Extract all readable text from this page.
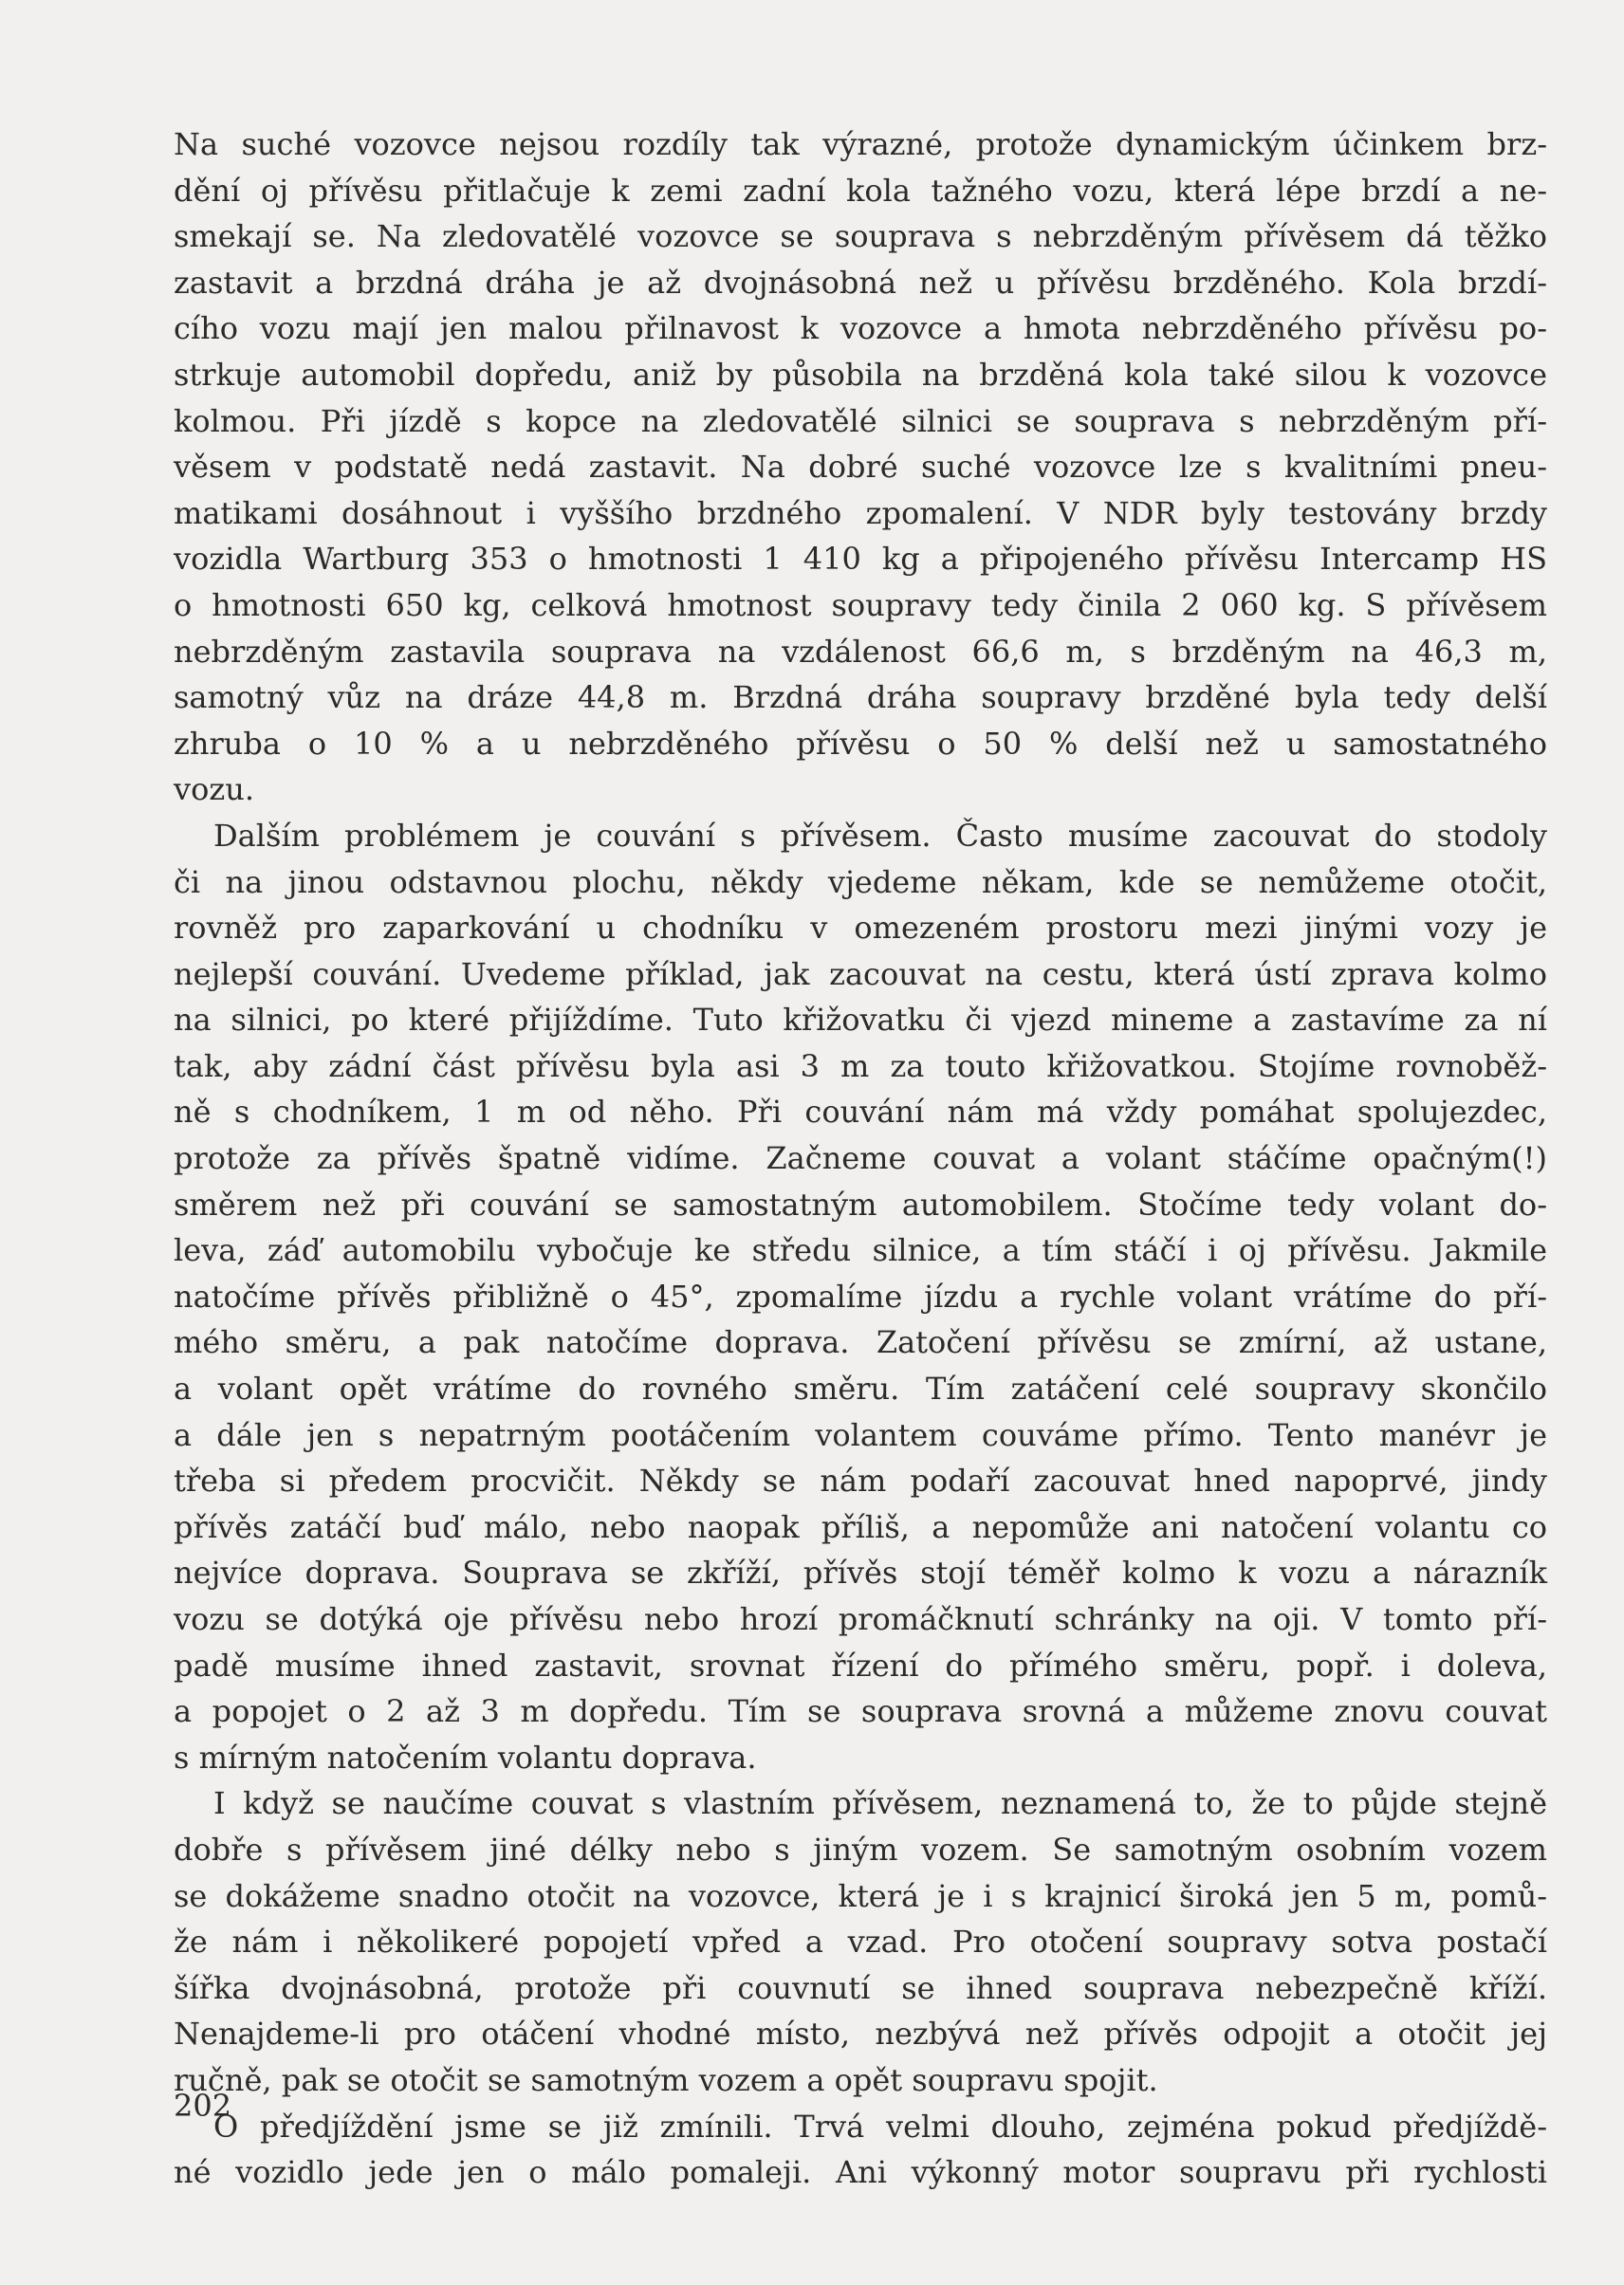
Na suché vozovce nejsou rozdíly tak výrazné, protože dynamickým účinkem brz-
dění oj přívěsu přitlačuje k zemi zadní kola tažného vozu, která lépe brzdí a ne-
smekají se. Na zledovatělé vozovce se souprava s nebrzděným přívěsem dá těžko
zastavit a brzdná dráha je až dvojnásobná než u přívěsu brzděného. Kola brzdí-
cího vozu mají jen malou přilnavost k vozovce a hmota nebrzděného přívěsu po-
strkuje automobil dopředu, aniž by působila na brzděná kola také silou k vozovce
kolmou. Při jízdě s kopce na zledovatělé silnici se souprava s nebrzděným pří-
věsem v podstatě nedá zastavit. Na dobré suché vozovce lze s kvalitními pneu-
matikami dosáhnout i vyššího brzdného zpomalení. V NDR byly testovány brzdy
vozidla Wartburg 353 o hmotnosti 1 410 kg a připojeného přívěsu Intercamp HS
o hmotnosti 650 kg, celková hmotnost soupravy tedy činila 2 060 kg. S přívěsem
nebrzděným zastavila souprava na vzdálenost 66,6 m, s brzděným na 46,3 m,
samotný vůz na dráze 44,8 m. Brzdná dráha soupravy brzděné byla tedy delší
zhruba o 10 % a u nebrzděného přívěsu o 50 % delší než u samostatného
vozu.
Dalším problémem je couvání s přívěsem. Často musíme zacouvat do stodoly
či na jinou odstavnou plochu, někdy vjedeme někam, kde se nemůžeme otočit,
rovněž pro zaparkování u chodníku v omezeném prostoru mezi jinými vozy je
nejlepší couvání. Uvedeme příklad, jak zacouvat na cestu, která ústí zprava kolmo
na silnici, po které přijíždíme. Tuto křižovatku či vjezd mineme a zastavíme za ní
tak, aby zádní část přívěsu byla asi 3 m za touto křižovatkou. Stojíme rovnoběž-
ně s chodníkem, 1 m od něho. Při couvání nám má vždy pomáhat spolujezdec,
protože za přívěs špatně vidíme. Začneme couvat a volant stáčíme opačným(!)
směrem než při couvání se samostatným automobilem. Stočíme tedy volant do-
leva, záď automobilu vybočuje ke středu silnice, a tím stáčí i oj přívěsu. Jakmile
natočíme přívěs přibližně o 45°, zpomalíme jízdu a rychle volant vrátíme do pří-
mého směru, a pak natočíme doprava. Zatočení přívěsu se zmírní, až ustane,
a volant opět vrátíme do rovného směru. Tím zatáčení celé soupravy skončilo
a dále jen s nepatrným pootáčením volantem couváme přímo. Tento manévr je
třeba si předem procvičit. Někdy se nám podaří zacouvat hned napoprvé, jindy
přívěs zatáčí buď málo, nebo naopak příliš, a nepomůže ani natočení volantu co
nejvíce doprava. Souprava se zkříží, přívěs stojí téměř kolmo k vozu a nárazník
vozu se dotýká oje přívěsu nebo hrozí promáčknutí schránky na oji. V tomto pří-
padě musíme ihned zastavit, srovnat řízení do přímého směru, popř. i doleva,
a popojet o 2 až 3 m dopředu. Tím se souprava srovná a můžeme znovu couvat
s mírným natočením volantu doprava.
I když se naučíme couvat s vlastním přívěsem, neznamená to, že to půjde stejně
dobře s přívěsem jiné délky nebo s jiným vozem. Se samotným osobním vozem
se dokážeme snadno otočit na vozovce, která je i s krajnicí široká jen 5 m, pomů-
že nám i několikeré popojetí vpřed a vzad. Pro otočení soupravy sotva postačí
šířka dvojnásobná, protože při couvnutí se ihned souprava nebezpečně kříží.
Nenajdeme-li pro otáčení vhodné místo, nezbývá než přívěs odpojit a otočit jej
ručně, pak se otočit se samotným vozem a opět soupravu spojit.
O předjíždění jsme se již zmínili. Trvá velmi dlouho, zejména pokud předjíždě-
né vozidlo jede jen o málo pomaleji. Ani výkonný motor soupravu při rychlosti
202
